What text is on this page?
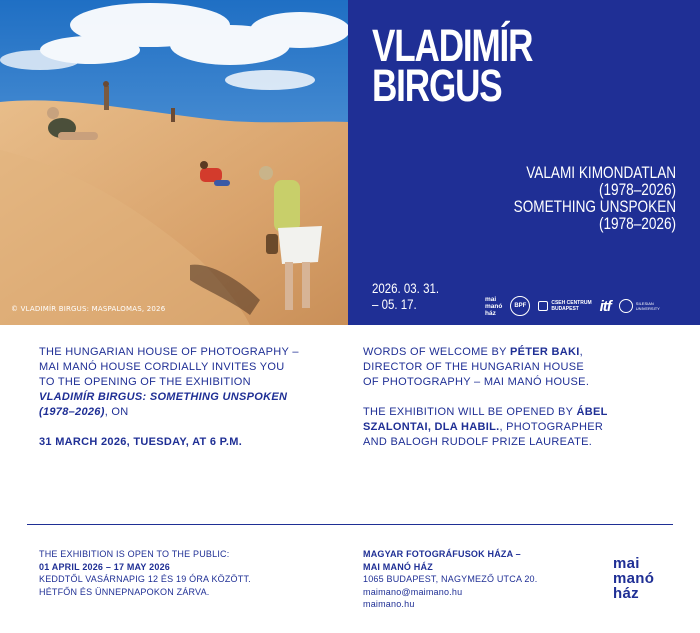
© VLADIMÍR BIRGUS: MASPALOMAS, 2026
VLADIMÍR
BIRGUS
VALAMI KIMONDATLAN
(1978–2026)
SOMETHING UNSPOKEN
(1978–2026)
2026. 03. 31.
– 05. 17.	mai
manó
ház
BPF	CSEH CENTRUM
BUDAPEST	itf	SILESIAN
UNIVERSITY

THE HUNGARIAN HOUSE OF PHOTOGRAPHY –

MAI MANÓ HOUSE CORDIALLY INVITES YOU

TO THE OPENING OF THE EXHIBITION

VLADIMÍR BIRGUS: SOMETHING UNSPOKEN

(1978–2026), ON

31 MARCH 2026, TUESDAY, AT 6 P.M.

WORDS OF WELCOME BY PÉTER BAKI,

DIRECTOR OF THE HUNGARIAN HOUSE

OF PHOTOGRAPHY – MAI MANÓ HOUSE.

THE EXHIBITION WILL BE OPENED BY ÁBEL

SZALONTAI, DLA HABIL., PHOTOGRAPHER

AND BALOGH RUDOLF PRIZE LAUREATE.

THE EXHIBITION IS OPEN TO THE PUBLIC:

01 APRIL 2026 – 17 MAY 2026

KEDDTŐL VASÁRNAPIG 12 ÉS 19 ÓRA KÖZÖTT.

HÉTFŐN ÉS ÜNNEPNAPOKON ZÁRVA.

MAGYAR FOTOGRÁFUSOK HÁZA –

MAI MANÓ HÁZ

1065 BUDAPEST, NAGYMEZŐ UTCA 20.

maimano@maimano.hu

maimano.hu

mai
manó
ház
